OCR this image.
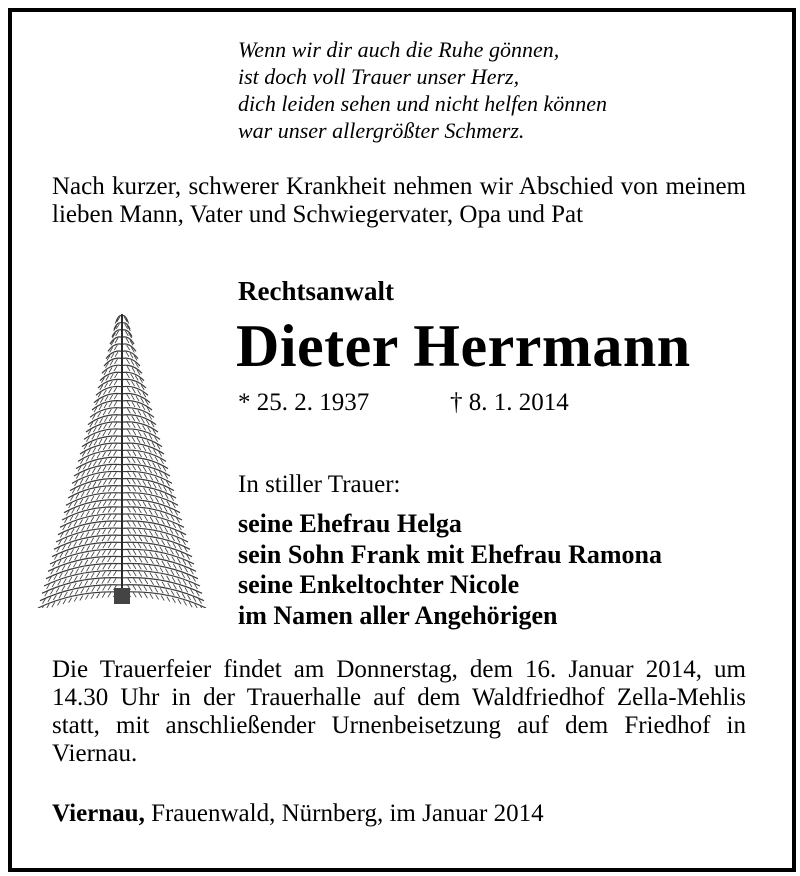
Wenn wir dir auch die Ruhe gönnen,
ist doch voll Trauer unser Herz,
dich leiden sehen und nicht helfen können
war unser allergrößter Schmerz.
Nach kurzer, schwerer Krankheit nehmen wir Abschied von meinem lieben Mann, Vater und Schwiegervater, Opa und Pat
Rechtsanwalt
Dieter Herrmann
* 25. 2. 1937	† 8. 1. 2014
In stiller Trauer:
seine Ehefrau Helga
sein Sohn Frank mit Ehefrau Ramona
seine Enkeltochter Nicole
im Namen aller Angehörigen
Die Trauerfeier findet am Donnerstag, dem 16. Januar 2014, um 14.30 Uhr in der Trauerhalle auf dem Waldfriedhof Zella-Mehlis statt, mit anschließender Urnenbeisetzung auf dem Friedhof in Viernau.
Viernau, Frauenwald, Nürnberg, im Januar 2014
